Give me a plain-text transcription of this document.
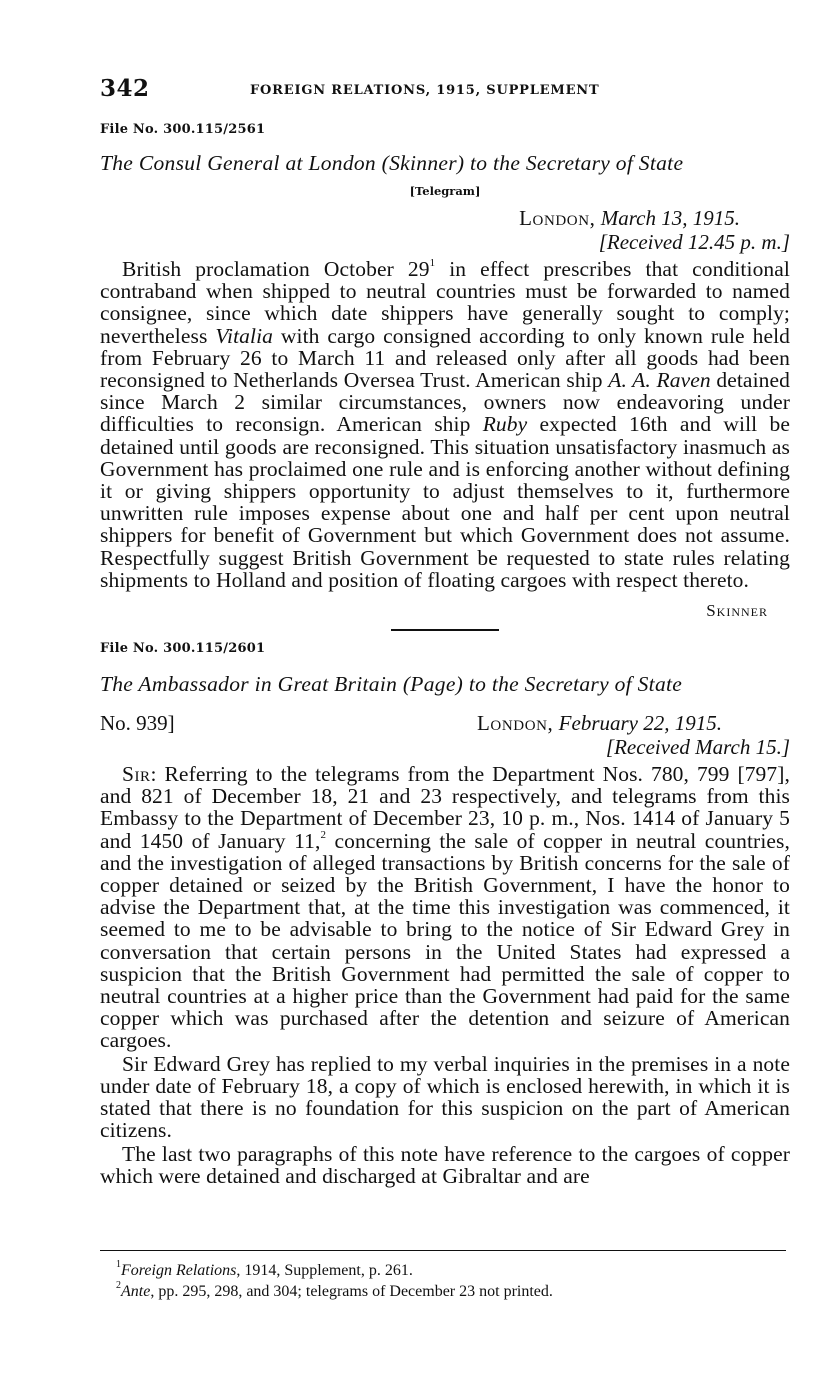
342	FOREIGN RELATIONS, 1915, SUPPLEMENT
File No. 300.115/2561
The Consul General at London (Skinner) to the Secretary of State
[Telegram]
London, March 13, 1915.
[Received 12.45 p. m.]

British proclamation October $29^1$ in effect prescribes that conditional contraband when shipped to neutral countries must be forwarded to named consignee, since which date shippers have generally sought to comply; nevertheless Vitalia with cargo consigned according to only known rule held from February 26 to March 11 and released only after all goods had been reconsigned to Netherlands Oversea Trust. American ship A. A. Raven detained since March 2 similar circumstances, owners now endeavoring under difficulties to reconsign. American ship Ruby expected 16th and will be detained until goods are reconsigned. This situation unsatisfactory inasmuch as Government has proclaimed one rule and is enforcing another without defining it or giving shippers opportunity to adjust themselves to it, furthermore unwritten rule imposes expense about one and half per cent upon neutral shippers for benefit of Government but which Government does not assume. Respectfully suggest British Government be requested to state rules relating shipments to Holland and position of floating cargoes with respect thereto.

Skinner
File No. 300.115/2601
The Ambassador in Great Britain (Page) to the Secretary of State
No. 939]	London, February 22, 1915.
[Received March 15.]

Sir: Referring to the telegrams from the Department Nos. 780, 799 [797], and 821 of December 18, 21 and 23 respectively, and telegrams from this Embassy to the Department of December 23, 10 p. m., Nos. 1414 of January 5 and 1450 of January 11,$^2$ concerning the sale of copper in neutral countries, and the investigation of alleged transactions by British concerns for the sale of copper detained or seized by the British Government, I have the honor to advise the Department that, at the time this investigation was commenced, it seemed to me to be advisable to bring to the notice of Sir Edward Grey in conversation that certain persons in the United States had expressed a suspicion that the British Government had permitted the sale of copper to neutral countries at a higher price than the Government had paid for the same copper which was purchased after the detention and seizure of American cargoes.

Sir Edward Grey has replied to my verbal inquiries in the premises in a note under date of February 18, a copy of which is enclosed herewith, in which it is stated that there is no foundation for this suspicion on the part of American citizens.

The last two paragraphs of this note have reference to the cargoes of copper which were detained and discharged at Gibraltar and are

$^1$Foreign Relations, 1914, Supplement, p. 261.
$^2$Ante, pp. 295, 298, and 304; telegrams of December 23 not printed.
